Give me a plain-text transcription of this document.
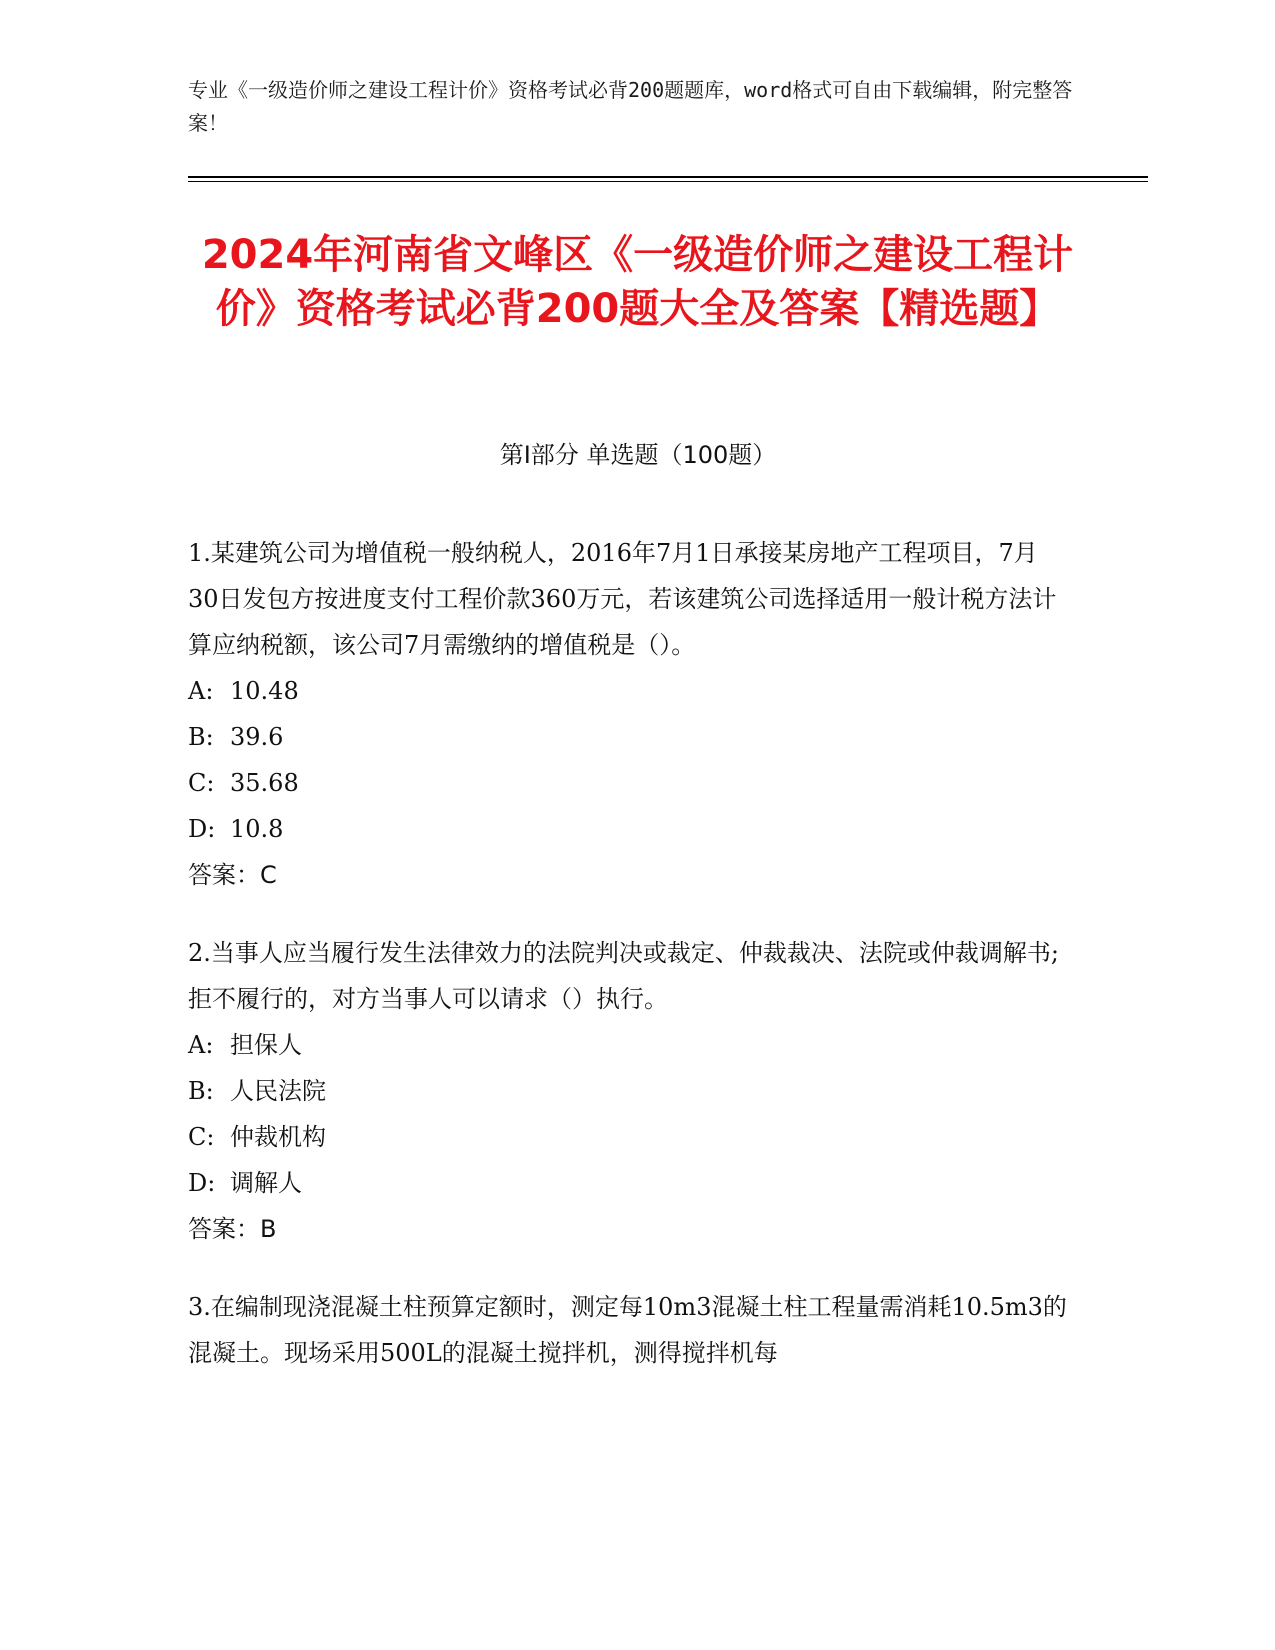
专业《一级造价师之建设工程计价》资格考试必背200题题库，word格式可自由下载编辑，附完整答案！
2024年河南省文峰区《一级造价师之建设工程计价》资格考试必背200题大全及答案【精选题】
第I部分 单选题（100题）

1.某建筑公司为增值税一般纳税人，2016年7月1日承接某房地产工程项目，7月30日发包方按进度支付工程价款360万元，若该建筑公司选择适用一般计税方法计算应纳税额，该公司7月需缴纳的增值税是（）。

A: 10.48

B: 39.6

C: 35.68

D: 10.8

答案：C

2.当事人应当履行发生法律效力的法院判决或裁定、仲裁裁决、法院或仲裁调解书;拒不履行的，对方当事人可以请求（）执行。

A: 担保人

B: 人民法院

C: 仲裁机构

D: 调解人

答案：B

3.在编制现浇混凝土柱预算定额时，测定每10m3混凝土柱工程量需消耗10.5m3的混凝土。现场采用500L的混凝土搅拌机，测得搅拌机每
